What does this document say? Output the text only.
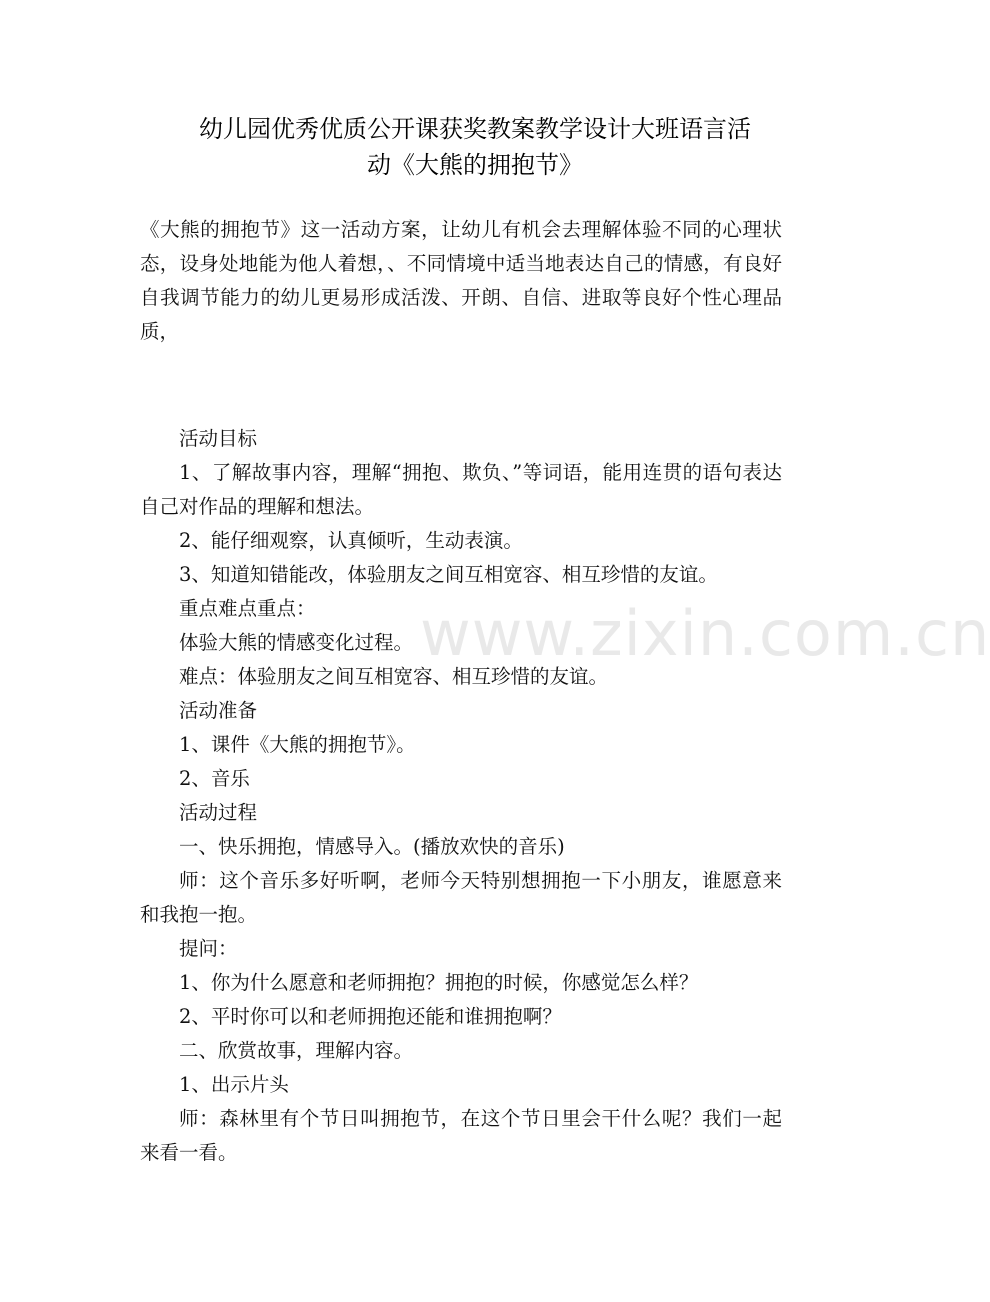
幼儿园优秀优质公开课获奖教案教学设计大班语言活
动《大熊的拥抱节》

《大熊的拥抱节》这一活动方案，让幼儿有机会去理解体验不同的心理状态，设身处地能为他人着想，、不同情境中适当地表达自己的情感，有良好自我调节能力的幼儿更易形成活泼、开朗、自信、进取等良好个性心理品质，

活动目标

1、了解故事内容，理解“拥抱、欺负、”等词语，能用连贯的语句表达自己对作品的理解和想法。

2、能仔细观察，认真倾听，生动表演。

3、知道知错能改，体验朋友之间互相宽容、相互珍惜的友谊。

重点难点重点：

体验大熊的情感变化过程。

难点：体验朋友之间互相宽容、相互珍惜的友谊。

活动准备

1、课件《大熊的拥抱节》。

2、音乐

活动过程

一、快乐拥抱，情感导入。(播放欢快的音乐)

师：这个音乐多好听啊，老师今天特别想拥抱一下小朋友，谁愿意来和我抱一抱。

提问：

1、你为什么愿意和老师拥抱？拥抱的时候，你感觉怎么样？

2、平时你可以和老师拥抱还能和谁拥抱啊？

二、欣赏故事，理解内容。

1、出示片头

师：森林里有个节日叫拥抱节，在这个节日里会干什么呢？我们一起来看一看。

www.zixin.com.cn
